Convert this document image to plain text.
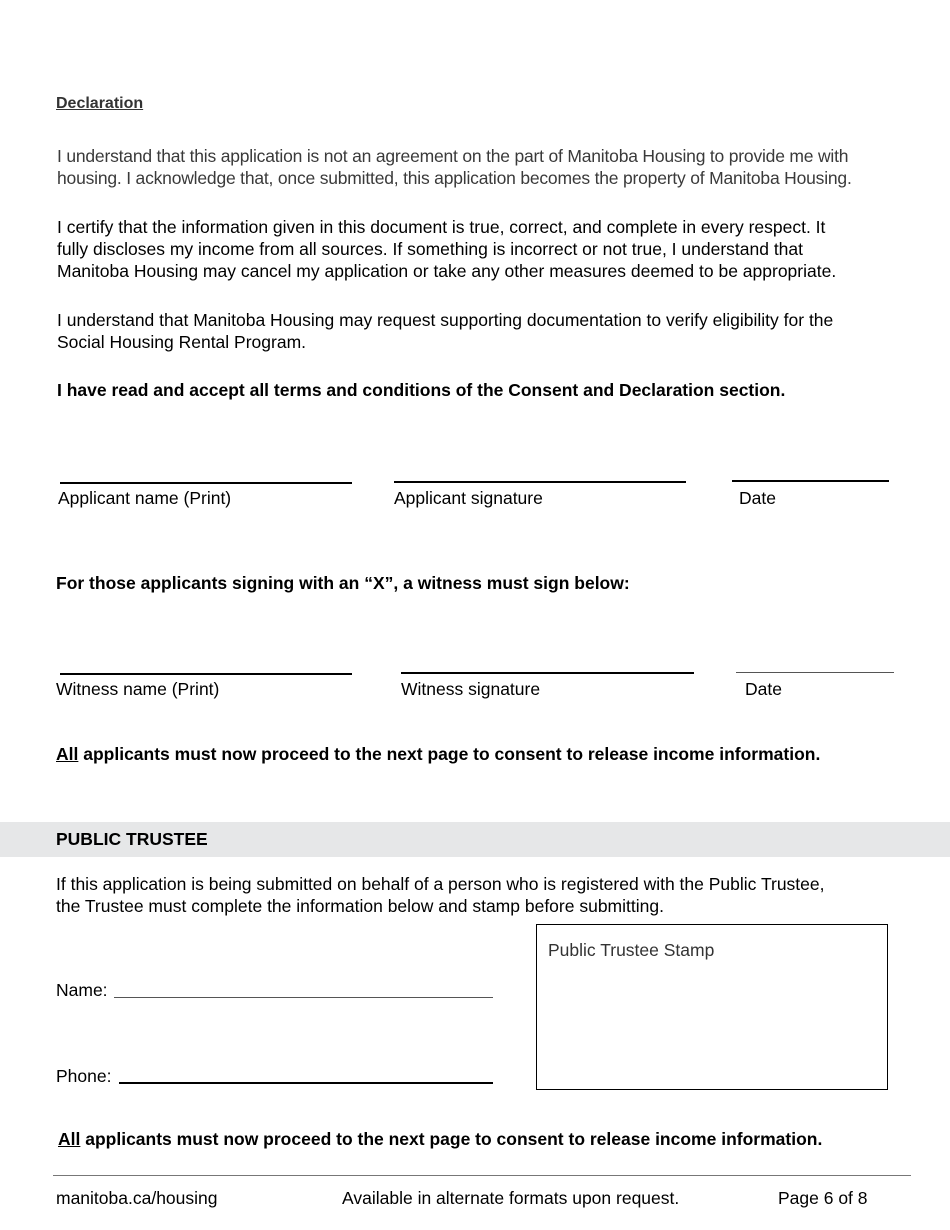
Declaration
I understand that this application is not an agreement on the part of Manitoba Housing to provide me with
housing. I acknowledge that, once submitted, this application becomes the property of Manitoba Housing.
I certify that the information given in this document is true, correct, and complete in every respect. It
fully discloses my income from all sources. If something is incorrect or not true, I understand that
Manitoba Housing may cancel my application or take any other measures deemed to be appropriate.
I understand that Manitoba Housing may request supporting documentation to verify eligibility for the
Social Housing Rental Program.
I have read and accept all terms and conditions of the Consent and Declaration section.
Applicant name (Print)	Applicant signature	Date
For those applicants signing with an “X”, a witness must sign below:
Witness name (Print)	Witness signature	Date
All applicants must now proceed to the next page to consent to release income information.
PUBLIC TRUSTEE
If this application is being submitted on behalf of a person who is registered with the Public Trustee,
the Trustee must complete the information below and stamp before submitting.
Name:
Phone:
Public Trustee Stamp
All applicants must now proceed to the next page to consent to release income information.
manitoba.ca/housing	Available in alternate formats upon request.	Page 6 of 8
